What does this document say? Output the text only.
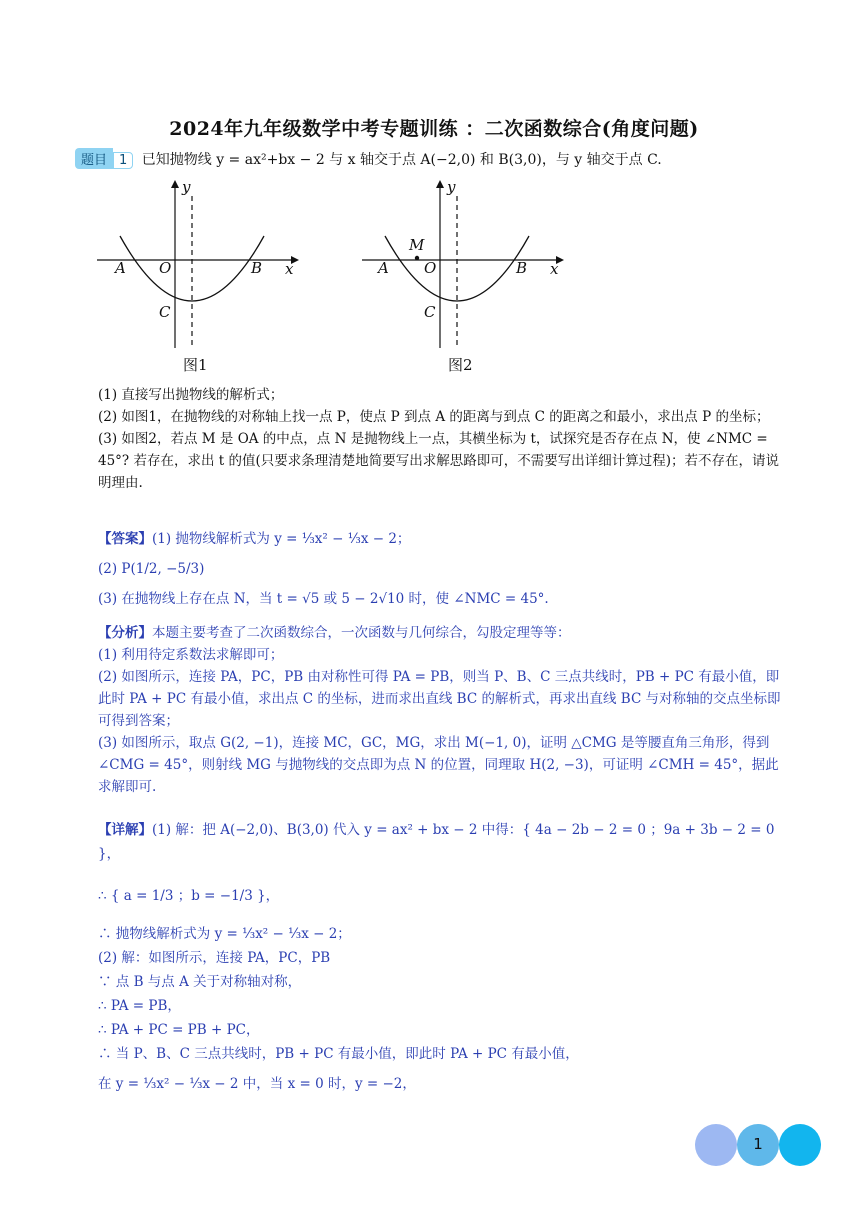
2024年九年级数学中考专题训练 ：二次函数综合(角度问题)
题目 1 已知抛物线 y = ax²+bx − 2 与 x 轴交于点 A(−2,0) 和 B(3,0)，与 y 轴交于点 C.
y
x
A O	B
C
图1
y
x
A O	B
C
M
图2

(1) 直接写出抛物线的解析式；

(2) 如图1，在抛物线的对称轴上找一点 P，使点 P 到点 A 的距离与到点 C 的距离之和最小，求出点 P 的坐标；

(3) 如图2，若点 M 是 OA 的中点，点 N 是抛物线上一点，其横坐标为 t，试探究是否存在点 N，使 ∠NMC = 45°? 若存在，求出 t 的值(只要求条理清楚地简要写出求解思路即可，不需要写出详细计算过程)；若不存在，请说明理由.

【答案】(1) 抛物线解析式为 y = ⅓x² − ⅓x − 2；

(2) P(1/2, −5/3)

(3) 在抛物线上存在点 N，当 t = √5 或 5 − 2√10 时，使 ∠NMC = 45°.

【分析】本题主要考查了二次函数综合，一次函数与几何综合，勾股定理等等：

(1) 利用待定系数法求解即可；

(2) 如图所示，连接 PA，PC，PB 由对称性可得 PA = PB，则当 P、B、C 三点共线时，PB + PC 有最小值，即此时 PA + PC 有最小值，求出点 C 的坐标，进而求出直线 BC 的解析式，再求出直线 BC 与对称轴的交点坐标即可得到答案；

(3) 如图所示，取点 G(2, −1)，连接 MC，GC，MG，求出 M(−1, 0)，证明 △CMG 是等腰直角三角形，得到 ∠CMG = 45°，则射线 MG 与抛物线的交点即为点 N 的位置，同理取 H(2, −3)，可证明 ∠CMH = 45°，据此求解即可.

【详解】(1) 解：把 A(−2,0)、B(3,0) 代入 y = ax² + bx − 2 中得：{ 4a − 2b − 2 = 0 ；9a + 3b − 2 = 0 }，

∴ { a = 1/3 ；b = −1/3 }，

∴ 抛物线解析式为 y = ⅓x² − ⅓x − 2；

(2) 解：如图所示，连接 PA，PC，PB

∵ 点 B 与点 A 关于对称轴对称，

∴ PA = PB，

∴ PA + PC = PB + PC，

∴ 当 P、B、C 三点共线时，PB + PC 有最小值，即此时 PA + PC 有最小值，

在 y = ⅓x² − ⅓x − 2 中，当 x = 0 时，y = −2，

1
